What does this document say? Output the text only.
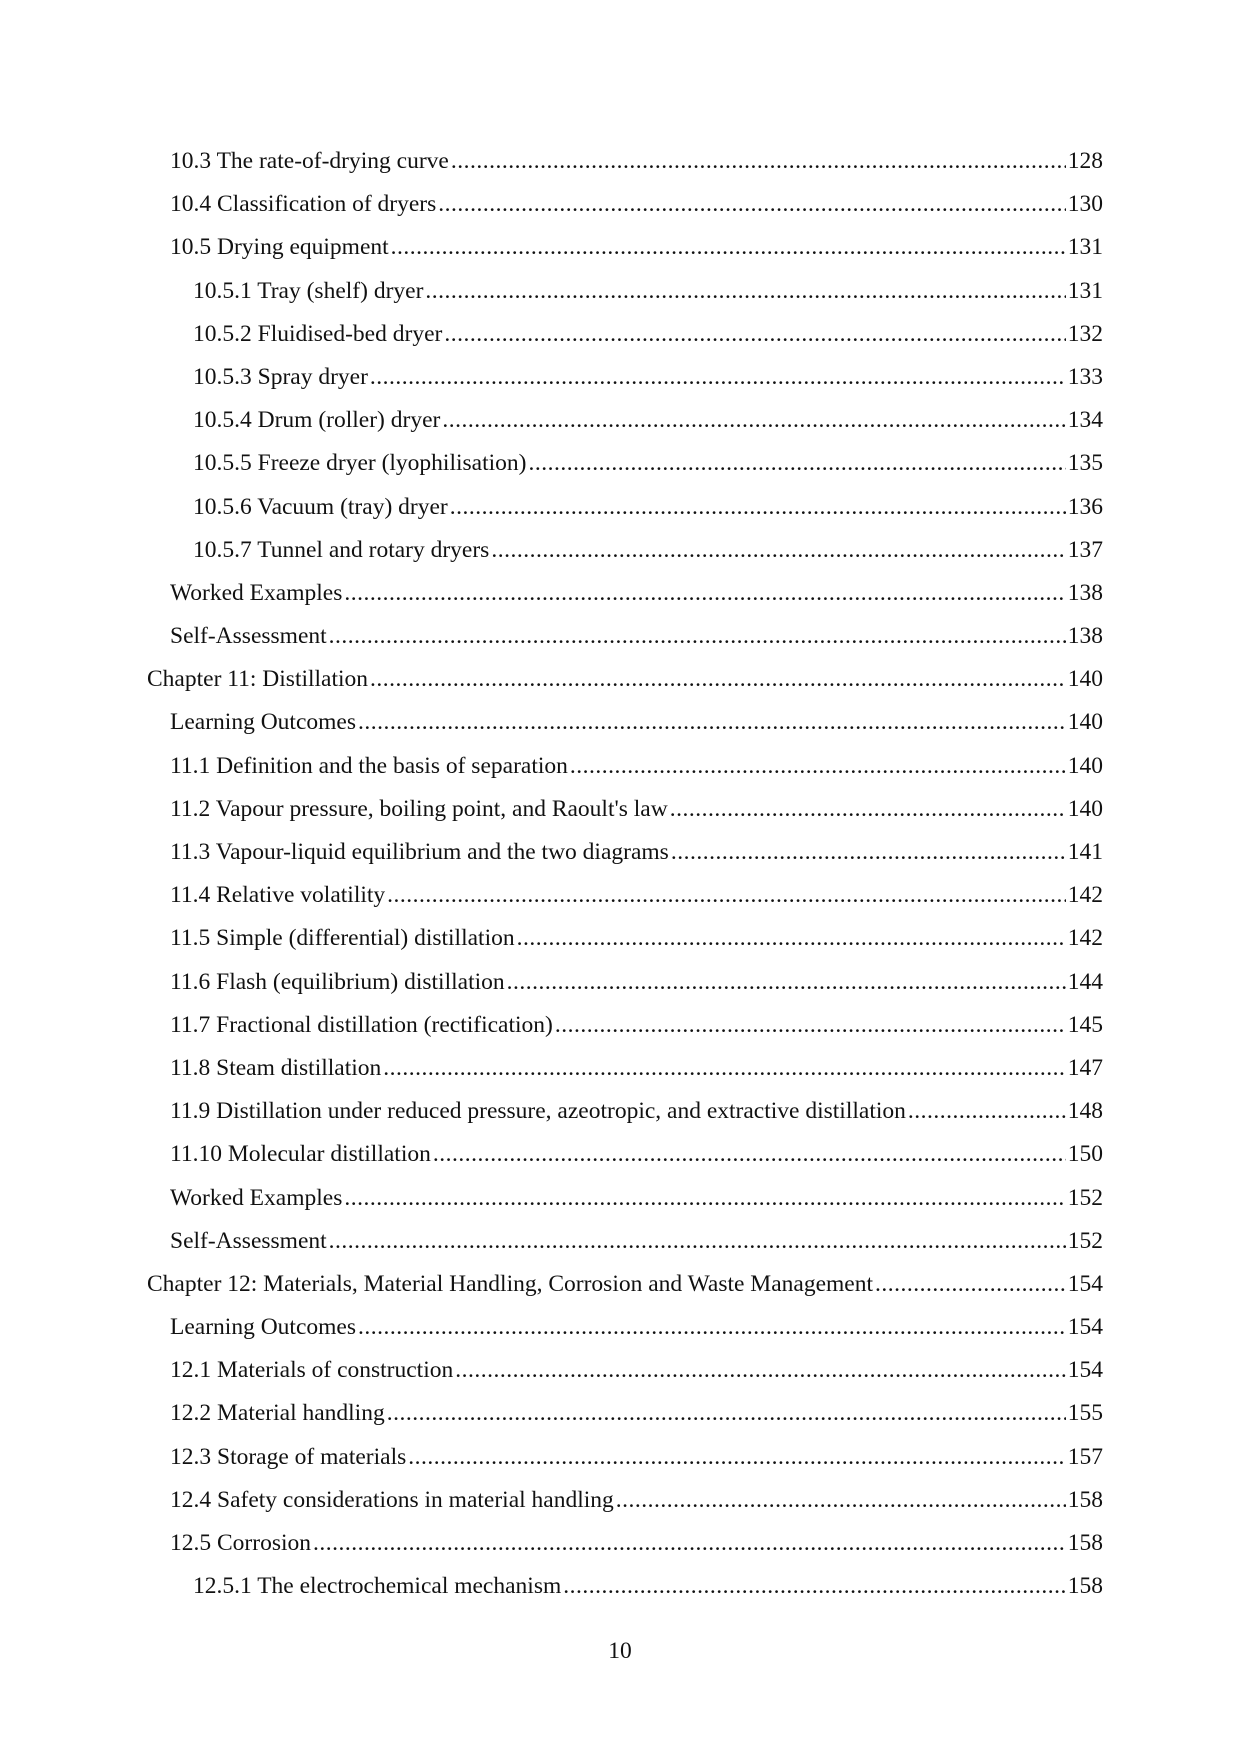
10.3 The rate-of-drying curve .....	128
10.4 Classification of dryers .....	130
10.5 Drying equipment .....	131
10.5.1 Tray (shelf) dryer .....	131
10.5.2 Fluidised-bed dryer .....	132
10.5.3 Spray dryer .....	133
10.5.4 Drum (roller) dryer .....	134
10.5.5 Freeze dryer (lyophilisation) .....	135
10.5.6 Vacuum (tray) dryer .....	136
10.5.7 Tunnel and rotary dryers .....	137
Worked Examples .....	138
Self-Assessment .....	138
Chapter 11: Distillation .....	140
Learning Outcomes .....	140
11.1 Definition and the basis of separation .....	140
11.2 Vapour pressure, boiling point, and Raoult's law .....	140
11.3 Vapour-liquid equilibrium and the two diagrams .....	141
11.4 Relative volatility .....	142
11.5 Simple (differential) distillation .....	142
11.6 Flash (equilibrium) distillation .....	144
11.7 Fractional distillation (rectification) .....	145
11.8 Steam distillation .....	147
11.9 Distillation under reduced pressure, azeotropic, and extractive distillation .....	148
11.10 Molecular distillation .....	150
Worked Examples .....	152
Self-Assessment .....	152
Chapter 12: Materials, Material Handling, Corrosion and Waste Management .....	154
Learning Outcomes .....	154
12.1 Materials of construction .....	154
12.2 Material handling .....	155
12.3 Storage of materials .....	157
12.4 Safety considerations in material handling .....	158
12.5 Corrosion .....	158
12.5.1 The electrochemical mechanism .....	158
10
